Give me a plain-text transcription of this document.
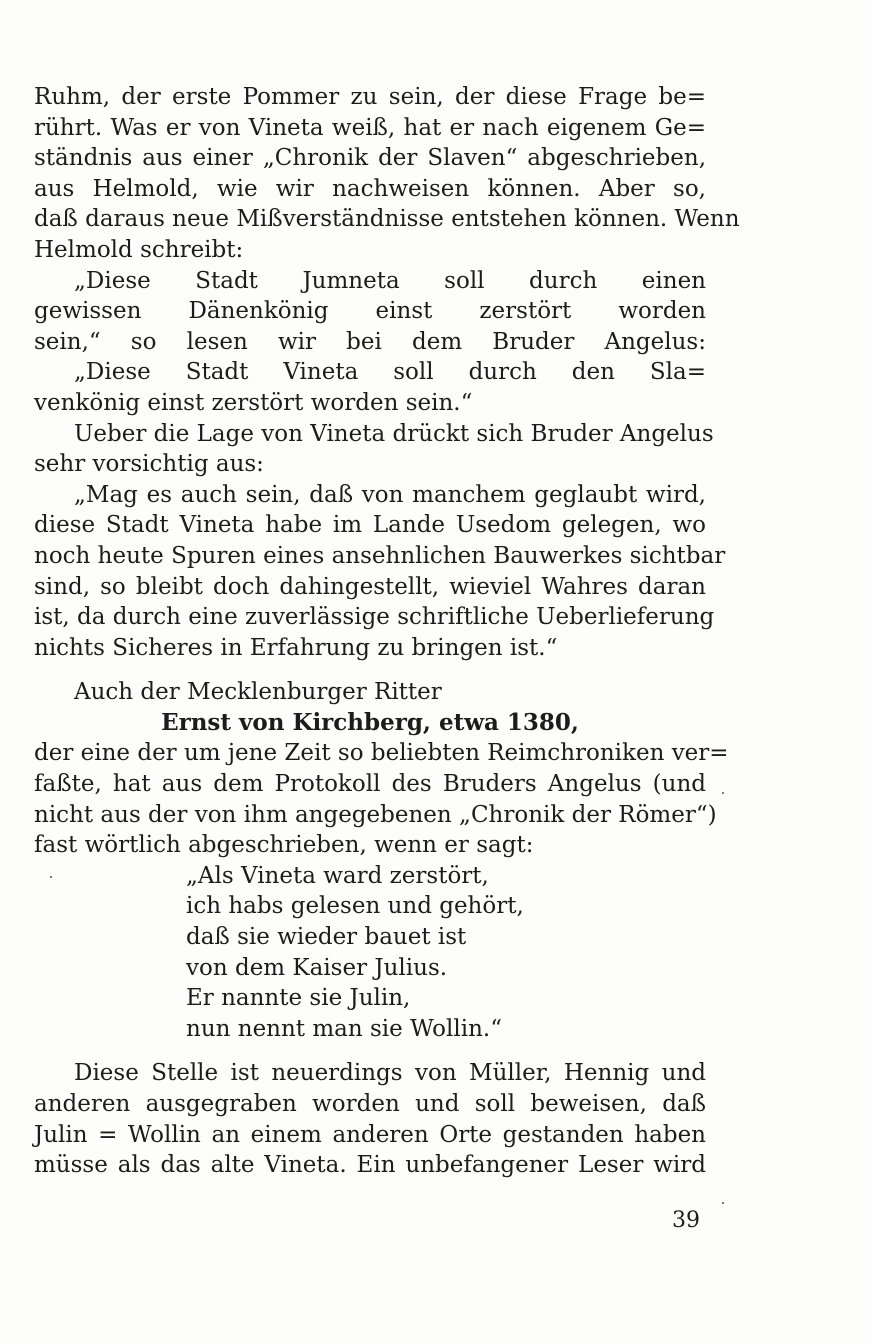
Ruhm, der erste Pommer zu sein, der diese Frage be=
rührt. Was er von Vineta weiß, hat er nach eigenem Ge=
ständnis aus einer „Chronik der Slaven“ abgeschrieben,
aus Helmold, wie wir nachweisen können. Aber so,
daß daraus neue Mißverständnisse entstehen können. Wenn
Helmold schreibt:
„Diese Stadt Jumneta soll durch einen
gewissen Dänenkönig einst zerstört worden
sein,“ so lesen wir bei dem Bruder Angelus:
„Diese Stadt Vineta soll durch den Sla=
venkönig einst zerstört worden sein.“
Ueber die Lage von Vineta drückt sich Bruder Angelus
sehr vorsichtig aus:
„Mag es auch sein, daß von manchem geglaubt wird,
diese Stadt Vineta habe im Lande Usedom gelegen, wo
noch heute Spuren eines ansehnlichen Bauwerkes sichtbar
sind, so bleibt doch dahingestellt, wieviel Wahres daran
ist, da durch eine zuverlässige schriftliche Ueberlieferung
nichts Sicheres in Erfahrung zu bringen ist.“
Auch der Mecklenburger Ritter
Ernst von Kirchberg, etwa 1380,
der eine der um jene Zeit so beliebten Reimchroniken ver=
faßte, hat aus dem Protokoll des Bruders Angelus (und
nicht aus der von ihm angegebenen „Chronik der Römer“)
fast wörtlich abgeschrieben, wenn er sagt:
„Als Vineta ward zerstört,
ich habs gelesen und gehört,
daß sie wieder bauet ist
von dem Kaiser Julius.
Er nannte sie Julin,
nun nennt man sie Wollin.“
Diese Stelle ist neuerdings von Müller, Hennig und
anderen ausgegraben worden und soll beweisen, daß
Julin = Wollin an einem anderen Orte gestanden haben
müsse als das alte Vineta. Ein unbefangener Leser wird
39
